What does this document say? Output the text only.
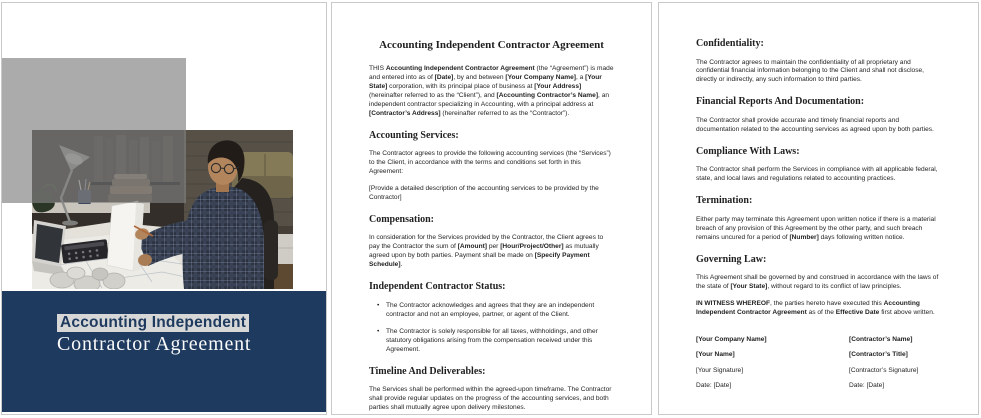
Accounting Independent
Contractor Agreement
Accounting Independent Contractor Agreement

THIS Accounting Independent Contractor Agreement (the “Agreement”) is made and entered into as of [Date], by and between [Your Company Name], a [Your State] corporation, with its principal place of business at [Your Address] (hereinafter referred to as the “Client”), and [Accounting Contractor’s Name], an independent contractor specializing in Accounting, with a principal address at [Contractor’s Address] (hereinafter referred to as the “Contractor”).

Accounting Services:

The Contractor agrees to provide the following accounting services (the “Services”) to the Client, in accordance with the terms and conditions set forth in this Agreement:

[Provide a detailed description of the accounting services to be provided by the Contractor]

Compensation:

In consideration for the Services provided by the Contractor, the Client agrees to pay the Contractor the sum of [Amount] per [Hour/Project/Other] as mutually agreed upon by both parties. Payment shall be made on [Specify Payment Schedule].

Independent Contractor Status:
•	The Contractor acknowledges and agrees that they are an independent contractor and not an employee, partner, or agent of the Client.
•	The Contractor is solely responsible for all taxes, withholdings, and other statutory obligations arising from the compensation received under this Agreement.
Timeline And Deliverables:

The Services shall be performed within the agreed-upon timeframe. The Contractor shall provide regular updates on the progress of the accounting services, and both parties shall mutually agree upon delivery milestones.

Confidentiality:

The Contractor agrees to maintain the confidentiality of all proprietary and confidential financial information belonging to the Client and shall not disclose, directly or indirectly, any such information to third parties.

Financial Reports And Documentation:

The Contractor shall provide accurate and timely financial reports and documentation related to the accounting services as agreed upon by both parties.

Compliance With Laws:

The Contractor shall perform the Services in compliance with all applicable federal, state, and local laws and regulations related to accounting practices.

Termination:

Either party may terminate this Agreement upon written notice if there is a material breach of any provision of this Agreement by the other party, and such breach remains uncured for a period of [Number] days following written notice.

Governing Law:

This Agreement shall be governed by and construed in accordance with the laws of the state of [Your State], without regard to its conflict of law principles.

IN WITNESS WHEREOF, the parties hereto have executed this Accounting Independent Contractor Agreement as of the Effective Date first above written.

[Your Company Name]
[Your Name]
[Your Signature]
Date: [Date]
[Contractor’s Name]
[Contractor’s Title]
[Contractor’s Signature]
Date: [Date]
